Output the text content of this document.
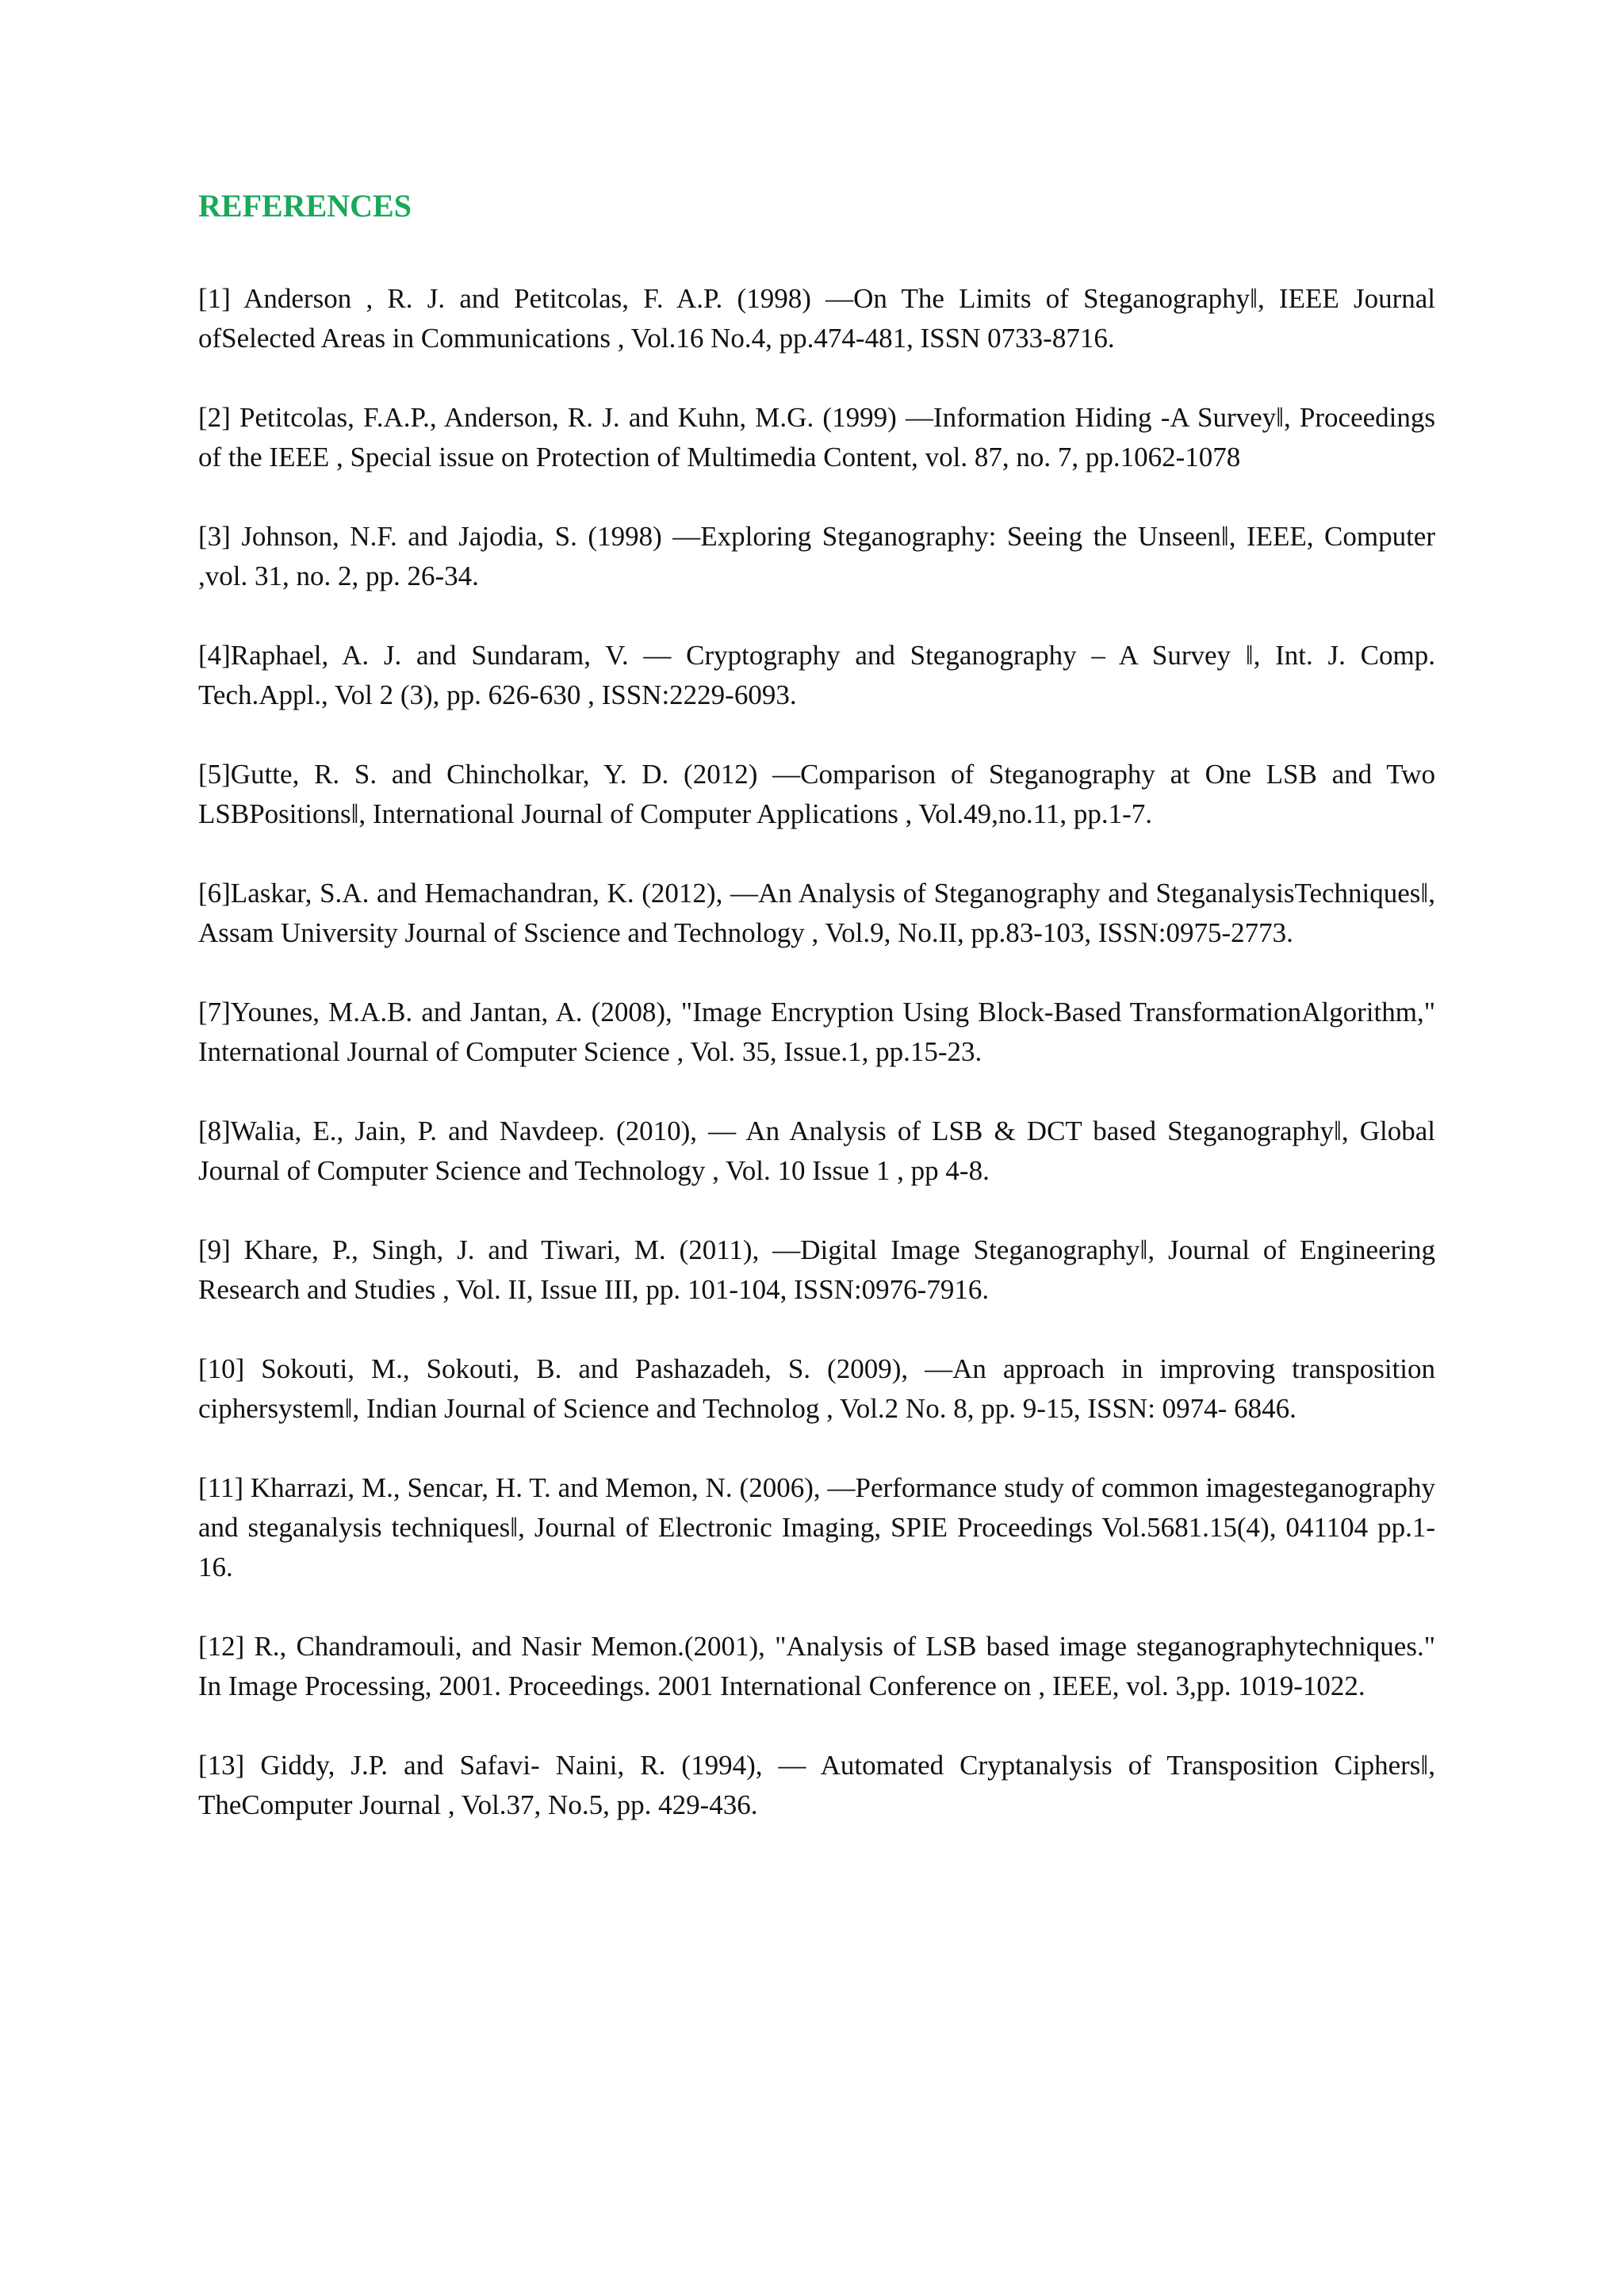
REFERENCES
[1] Anderson , R. J. and Petitcolas, F. A.P. (1998) ―On The Limits of Steganography‖, IEEE Journal ofSelected Areas in Communications , Vol.16 No.4, pp.474-481, ISSN 0733-8716.
[2] Petitcolas, F.A.P., Anderson, R. J. and Kuhn, M.G. (1999) ―Information Hiding -A Survey‖, Proceedings of the IEEE , Special issue on Protection of Multimedia Content, vol. 87, no. 7, pp.1062-1078
[3] Johnson, N.F. and Jajodia, S. (1998) ―Exploring Steganography: Seeing the Unseen‖, IEEE, Computer ,vol. 31, no. 2, pp. 26-34.
[4]Raphael, A. J. and Sundaram, V. ― Cryptography and Steganography – A Survey ‖, Int. J. Comp. Tech.Appl., Vol 2 (3), pp. 626-630 , ISSN:2229-6093.
[5]Gutte, R. S. and Chincholkar, Y. D. (2012) ―Comparison of Steganography at One LSB and Two LSBPositions‖, International Journal of Computer Applications , Vol.49,no.11, pp.1-7.
[6]Laskar, S.A. and Hemachandran, K. (2012), ―An Analysis of Steganography and SteganalysisTechniques‖, Assam University Journal of Sscience and Technology , Vol.9, No.II, pp.83-103, ISSN:0975-2773.
[7]Younes, M.A.B. and Jantan, A. (2008), "Image Encryption Using Block-Based TransformationAlgorithm," International Journal of Computer Science , Vol. 35, Issue.1, pp.15-23.
[8]Walia, E., Jain, P. and Navdeep. (2010), ― An Analysis of LSB & DCT based Steganography‖, Global Journal of Computer Science and Technology , Vol. 10 Issue 1 , pp 4-8.
[9] Khare, P., Singh, J. and Tiwari, M. (2011), ―Digital Image Steganography‖, Journal of Engineering Research and Studies , Vol. II, Issue III, pp. 101-104, ISSN:0976-7916.
[10] Sokouti, M., Sokouti, B. and Pashazadeh, S. (2009), ―An approach in improving transposition ciphersystem‖, Indian Journal of Science and Technolog , Vol.2 No. 8, pp. 9-15, ISSN: 0974- 6846.
[11] Kharrazi, M., Sencar, H. T. and Memon, N. (2006), ―Performance study of common imagesteganography and steganalysis techniques‖, Journal of Electronic Imaging, SPIE Proceedings Vol.5681.15(4), 041104 pp.1-16.
[12] R., Chandramouli, and Nasir Memon.(2001), "Analysis of LSB based image steganographytechniques." In Image Processing, 2001. Proceedings. 2001 International Conference on , IEEE, vol. 3,pp. 1019-1022.
[13] Giddy, J.P. and Safavi- Naini, R. (1994), ― Automated Cryptanalysis of Transposition Ciphers‖, TheComputer Journal , Vol.37, No.5, pp. 429-436.
